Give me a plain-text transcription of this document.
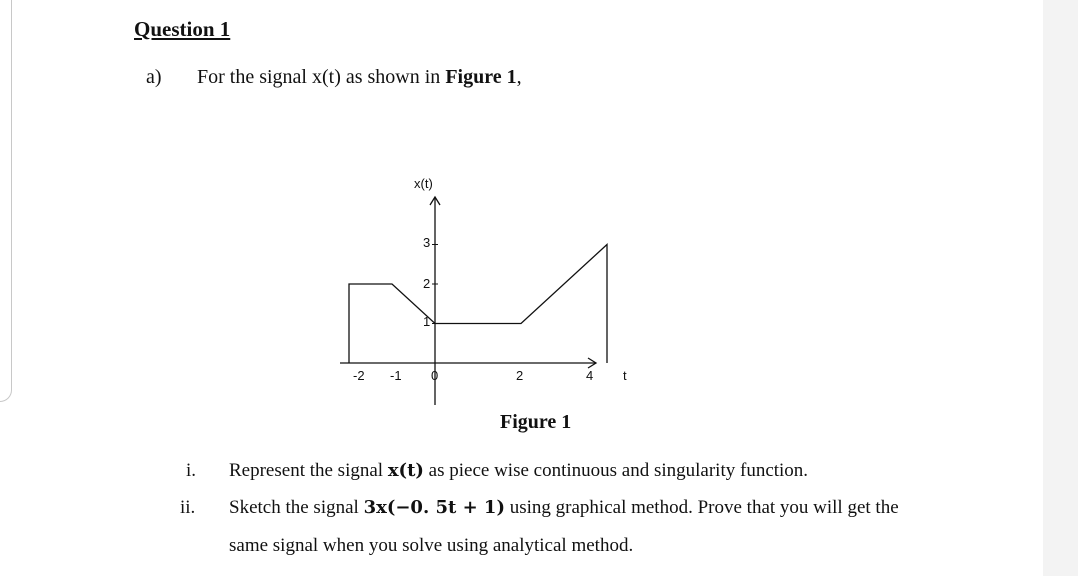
Question 1
a) For the signal x(t) as shown in Figure 1,
x(t)
t
-2 -1 0	2	4
3
2
1
Figure 1
i. Represent the signal x(t) as piece wise continuous and singularity function.
ii. Sketch the signal 3x(−0. 5t + 1) using graphical method. Prove that you will get the
same signal when you solve using analytical method.
